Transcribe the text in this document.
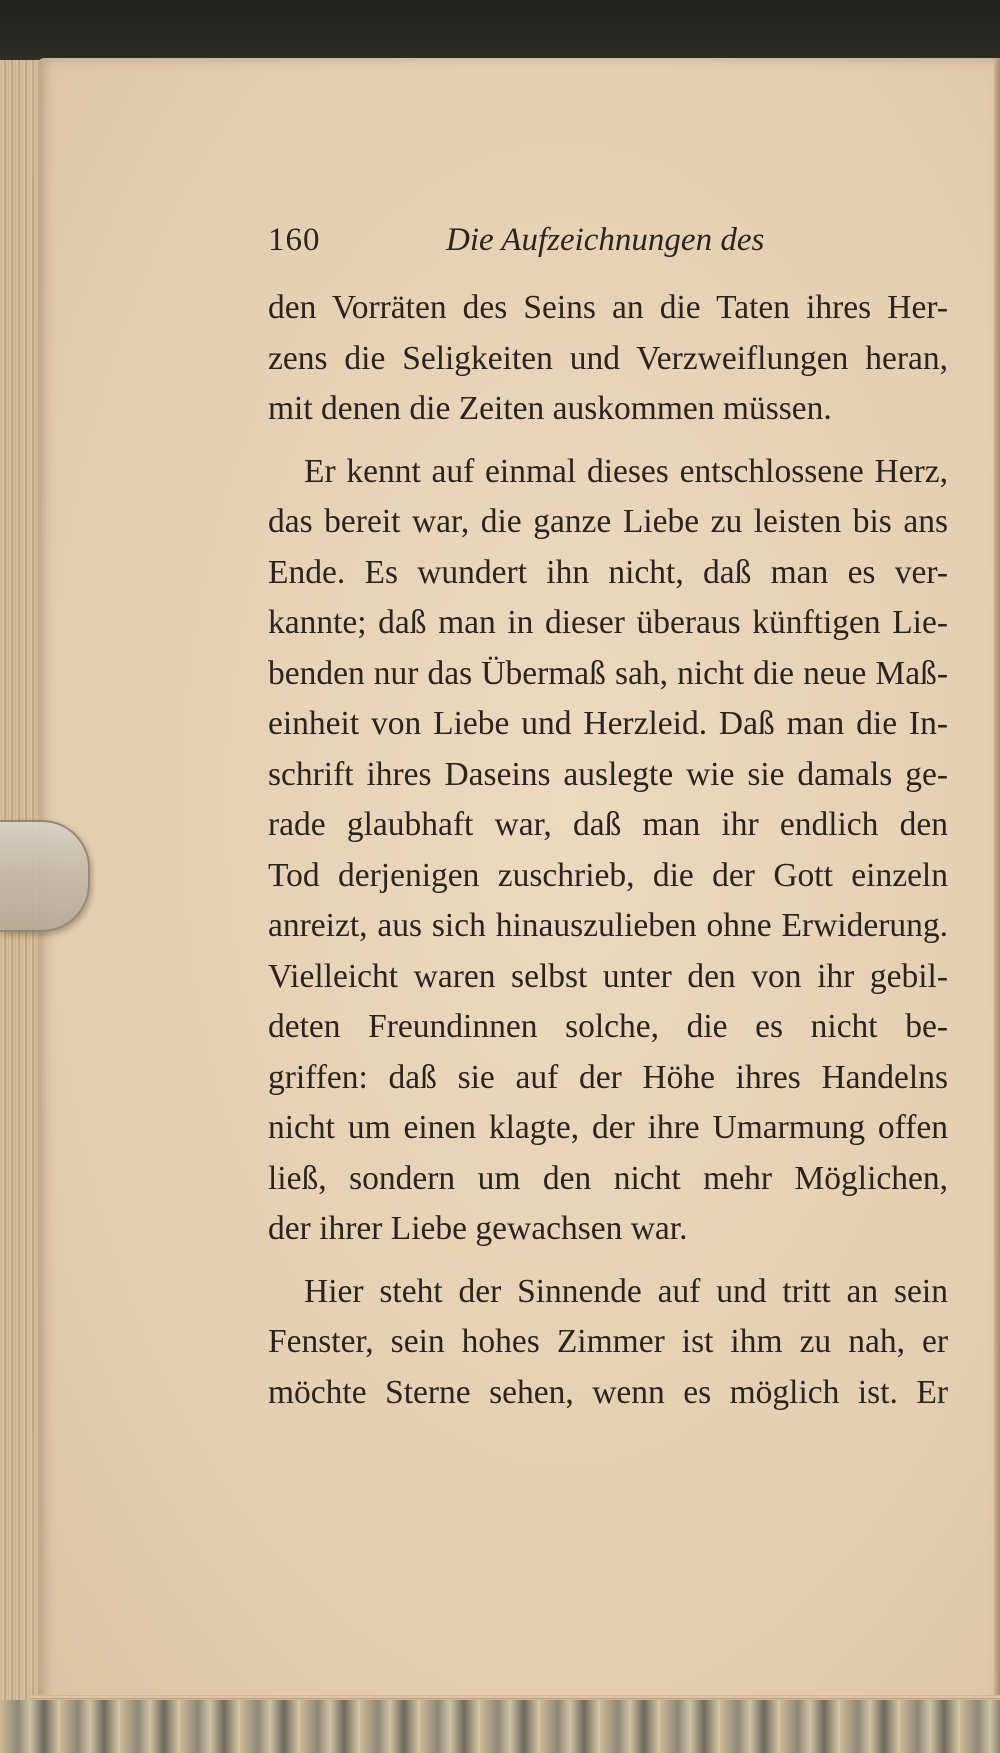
160	Die Aufzeichnungen des
den Vorräten des Seins an die Taten ihres Her-
zens die Seligkeiten und Verzweiflungen heran,
mit denen die Zeiten auskommen müssen.
Er kennt auf einmal dieses entschlossene Herz,
das bereit war, die ganze Liebe zu leisten bis ans
Ende. Es wundert ihn nicht, daß man es ver-
kannte; daß man in dieser überaus künftigen Lie-
benden nur das Übermaß sah, nicht die neue Maß-
einheit von Liebe und Herzleid. Daß man die In-
schrift ihres Daseins auslegte wie sie damals ge-
rade glaubhaft war, daß man ihr endlich den
Tod derjenigen zuschrieb, die der Gott einzeln
anreizt, aus sich hinauszulieben ohne Erwiderung.
Vielleicht waren selbst unter den von ihr gebil-
deten Freundinnen solche, die es nicht be-
griffen: daß sie auf der Höhe ihres Handelns
nicht um einen klagte, der ihre Umarmung offen
ließ, sondern um den nicht mehr Möglichen,
der ihrer Liebe gewachsen war.
Hier steht der Sinnende auf und tritt an sein
Fenster, sein hohes Zimmer ist ihm zu nah, er
möchte Sterne sehen, wenn es möglich ist. Er
